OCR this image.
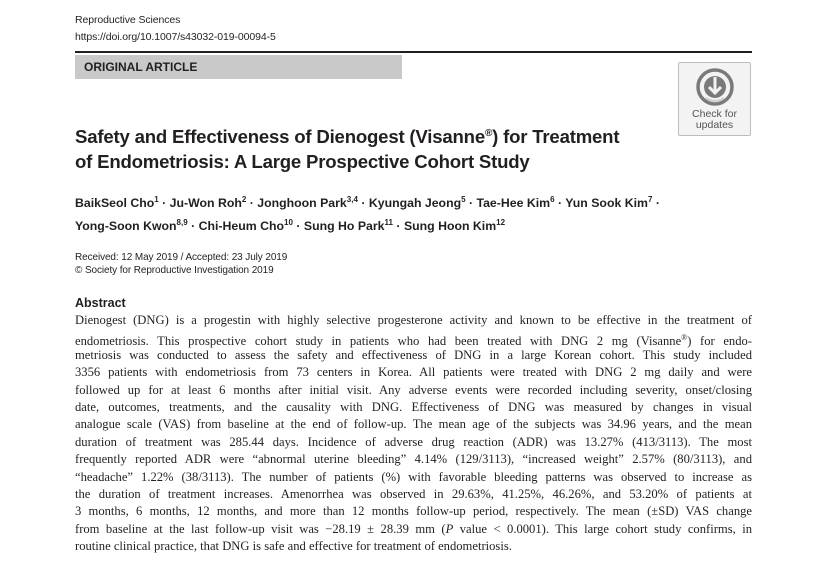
Reproductive Sciences
https://doi.org/10.1007/s43032-019-00094-5
ORIGINAL ARTICLE
Check for
updates
Safety and Effectiveness of Dienogest (Visanne®) for Treatment
of Endometriosis: A Large Prospective Cohort Study
BaikSeol Cho$^1$ · Ju-Won Roh$^2$ · Jonghoon Park$^{3,4}$ · Kyungah Jeong$^5$ · Tae-Hee Kim$^6$ · Yun Sook Kim$^7$ ·
Yong-Soon Kwon$^{8,9}$ · Chi-Heum Cho$^{10}$ · Sung Ho Park$^{11}$ · Sung Hoon Kim$^{12}$
Received: 12 May 2019 / Accepted: 23 July 2019
© Society for Reproductive Investigation 2019
Abstract
Dienogest (DNG) is a progestin with highly selective progesterone activity and known to be effective in the treatment of
endometriosis. This prospective cohort study in patients who had been treated with DNG 2 mg (Visanne®) for endo-
metriosis was conducted to assess the safety and effectiveness of DNG in a large Korean cohort. This study included
3356 patients with endometriosis from 73 centers in Korea. All patients were treated with DNG 2 mg daily and were
followed up for at least 6 months after initial visit. Any adverse events were recorded including severity, onset/closing
date, outcomes, treatments, and the causality with DNG. Effectiveness of DNG was measured by changes in visual
analogue scale (VAS) from baseline at the end of follow-up. The mean age of the subjects was 34.96 years, and the mean
duration of treatment was 285.44 days. Incidence of adverse drug reaction (ADR) was 13.27% (413/3113). The most
frequently reported ADR were “abnormal uterine bleeding” 4.14% (129/3113), “increased weight” 2.57% (80/3113), and
“headache” 1.22% (38/3113). The number of patients (%) with favorable bleeding patterns was observed to increase as
the duration of treatment increases. Amenorrhea was observed in 29.63%, 41.25%, 46.26%, and 53.20% of patients at
3 months, 6 months, 12 months, and more than 12 months follow-up period, respectively. The mean (±SD) VAS change
from baseline at the last follow-up visit was −28.19 ± 28.39 mm (P value < 0.0001). This large cohort study confirms, in
routine clinical practice, that DNG is safe and effective for treatment of endometriosis.
